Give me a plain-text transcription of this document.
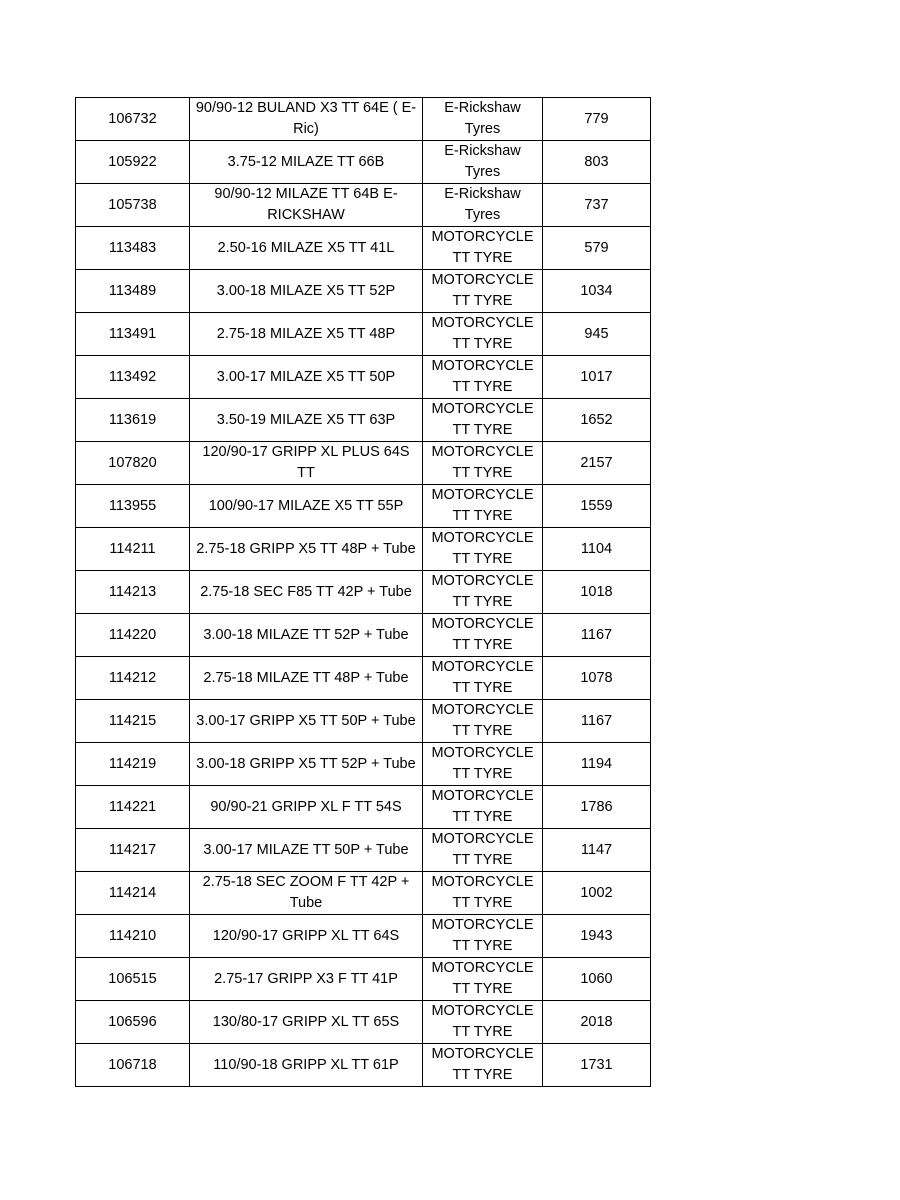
106732	90/90-12 BULAND X3 TT 64E ( E-Ric)	E-Rickshaw Tyres	779
105922	3.75-12 MILAZE TT 66B	E-Rickshaw Tyres	803
105738	90/90-12 MILAZE TT 64B E-RICKSHAW	E-Rickshaw Tyres	737
113483	2.50-16 MILAZE X5 TT 41L	MOTORCYCLE TT TYRE	579
113489	3.00-18 MILAZE X5 TT 52P	MOTORCYCLE TT TYRE	1034
113491	2.75-18 MILAZE X5 TT 48P	MOTORCYCLE TT TYRE	945
113492	3.00-17 MILAZE X5 TT 50P	MOTORCYCLE TT TYRE	1017
113619	3.50-19 MILAZE X5 TT 63P	MOTORCYCLE TT TYRE	1652
107820	120/90-17 GRIPP XL PLUS 64S TT	MOTORCYCLE TT TYRE	2157
113955	100/90-17 MILAZE X5 TT 55P	MOTORCYCLE TT TYRE	1559
114211	2.75-18 GRIPP X5 TT 48P + Tube	MOTORCYCLE TT TYRE	1104
114213	2.75-18 SEC F85 TT 42P + Tube	MOTORCYCLE TT TYRE	1018
114220	3.00-18 MILAZE TT 52P + Tube	MOTORCYCLE TT TYRE	1167
114212	2.75-18 MILAZE TT 48P + Tube	MOTORCYCLE TT TYRE	1078
114215	3.00-17 GRIPP X5 TT 50P + Tube	MOTORCYCLE TT TYRE	1167
114219	3.00-18 GRIPP X5 TT 52P + Tube	MOTORCYCLE TT TYRE	1194
114221	90/90-21 GRIPP XL F TT 54S	MOTORCYCLE TT TYRE	1786
114217	3.00-17 MILAZE TT 50P + Tube	MOTORCYCLE TT TYRE	1147
114214	2.75-18 SEC ZOOM F TT 42P + Tube	MOTORCYCLE TT TYRE	1002
114210	120/90-17 GRIPP XL TT 64S	MOTORCYCLE TT TYRE	1943
106515	2.75-17 GRIPP X3 F TT 41P	MOTORCYCLE TT TYRE	1060
106596	130/80-17 GRIPP XL TT 65S	MOTORCYCLE TT TYRE	2018
106718	110/90-18 GRIPP XL TT 61P	MOTORCYCLE TT TYRE	1731
